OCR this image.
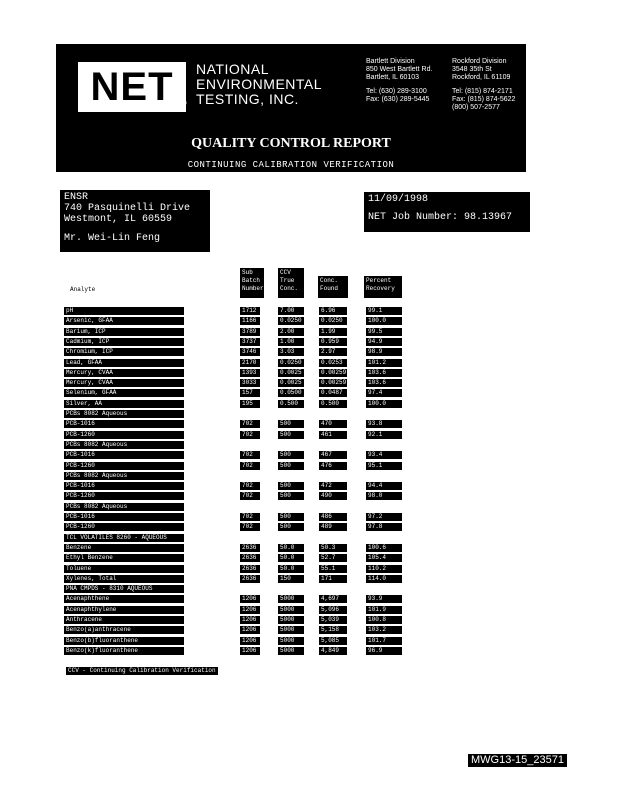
NET ®
NATIONAL
ENVIRONMENTAL
TESTING, INC.
Bartlett Division
850 West Bartlett Rd.
Bartlett, IL 60103
Tel: (630) 289-3100
Fax: (630) 289-5445
Rockford Division
3548 35th St
Rockford, IL 61109
Tel: (815) 874-2171
Fax: (815) 874-5622
(800) 507-2577
QUALITY CONTROL REPORT
CONTINUING CALIBRATION VERIFICATION
ENSR
740 Pasquinelli Drive
Westmont, IL 60559
Mr. Wei-Lin Feng
11/09/1998
NET Job Number: 98.13967
Analyte
Sub
Batch
Number
CCV
True
Conc.
Conc.
Found
Percent
Recovery
pH	1712	7.00	6.96	99.1
Arsenic, GFAA	1166	0.0250	0.0250	100.0
Barium, ICP	3789	2.00	1.99	99.5
Cadmium, ICP	3737	1.00	0.959	94.9
Chromium, ICP	3746	3.03	2.97	98.9
Lead, GFAA	2170	0.0250	0.0253	101.2
Mercury, CVAA	1393	0.0025	0.00259	103.6
Mercury, CVAA	3033	0.0025	0.00259	103.6
Selenium, GFAA	157	0.0500	0.0487	97.4
Silver, AA	195	0.500	0.500	100.0
PCBs 8082 Aqueous
PCB-1016	702	500	470	93.8
PCB-1260	702	500	461	92.1
PCBs 8082 Aqueous
PCB-1016	702	500	467	93.4
PCB-1260	702	500	476	95.1
PCBs 8082 Aqueous
PCB-1016	702	500	472	94.4
PCB-1260	702	500	490	98.0
PCBs 8082 Aqueous
PCB-1016	702	500	486	97.2
PCB-1260	702	500	489	97.8
TCL VOLATILES 8260 - AQUEOUS
Benzene	2636	50.0	50.3	100.6
Ethyl Benzene	2636	50.0	52.7	105.4
Toluene	2636	50.0	55.1	110.2
Xylenes, Total	2636	150	171	114.0
PNA CMPDS - 8310 AQUEOUS
Acenaphthene	1206	5000	4,697	93.9
Acenaphthylene	1206	5000	5,096	101.9
Anthracene	1206	5000	5,039	100.8
Benzo(a)anthracene	1206	5000	5,158	103.2
Benzo(b)fluoranthene	1206	5000	5,085	101.7
Benzo(k)fluoranthene	1206	5000	4,849	96.9
CCV - Continuing Calibration Verification
MWG13-15_23571
